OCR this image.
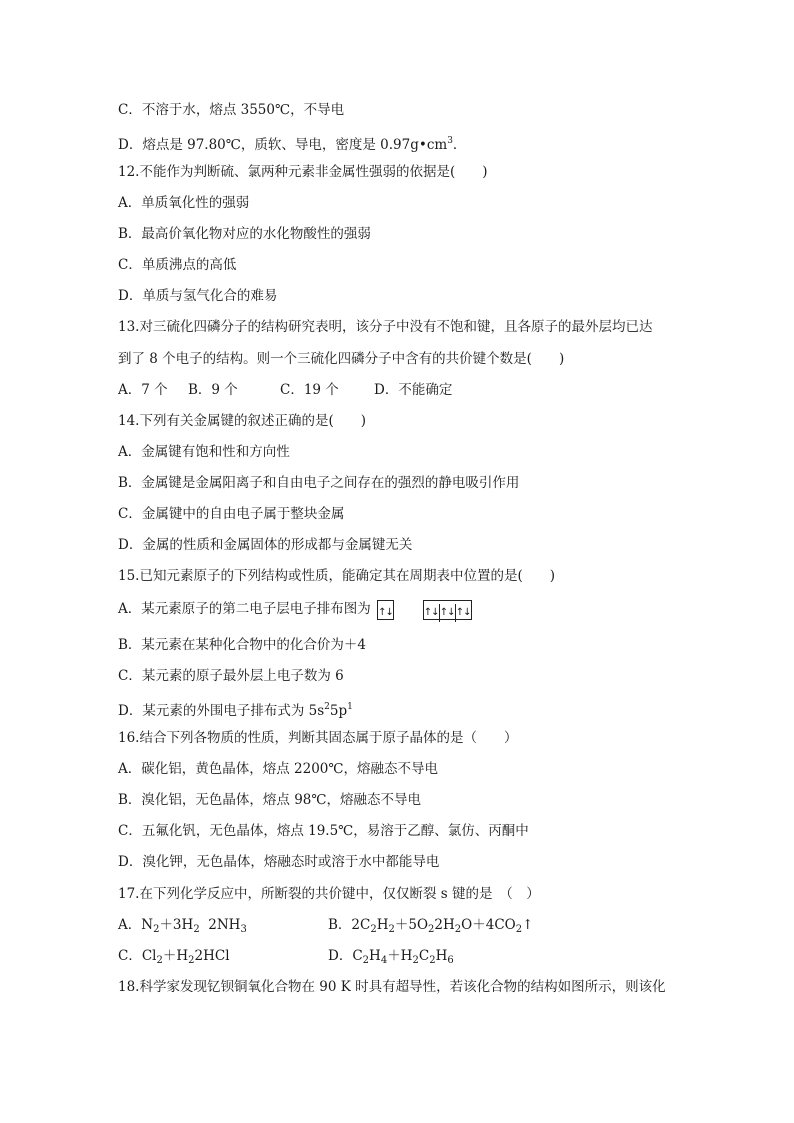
C．不溶于水，熔点 3550℃，不导电
D．熔点是 97.80℃，质软、导电，密度是 $0.97g•cm^3$．
12.不能作为判断硫、氯两种元素非金属性强弱的依据是(　　)
A．单质氧化性的强弱
B．最高价氧化物对应的水化物酸性的强弱
C．单质沸点的高低
D．单质与氢气化合的难易
13.对三硫化四磷分子的结构研究表明，该分子中没有不饱和键，且各原子的最外层均已达
到了 8 个电子的结构。则一个三硫化四磷分子中含有的共价键个数是(　　)
A．7 个 B．9 个	C．19 个	D．不能确定
14.下列有关金属键的叙述正确的是(　　)
A．金属键有饱和性和方向性
B．金属键是金属阳离子和自由电子之间存在的强烈的静电吸引作用
C．金属键中的自由电子属于整块金属
D．金属的性质和金属固体的形成都与金属键无关
15.已知元素原子的下列结构或性质，能确定其在周期表中位置的是(　　)
A．某元素原子的第二电子层电子排布图为 ↑↓	↑↓↑↓↑↓
B．某元素在某种化合物中的化合价为＋4
C．某元素的原子最外层上电子数为 6
D．某元素的外围电子排布式为 $5s^25p^1$
16.结合下列各物质的性质，判断其固态属于原子晶体的是（　　）
A．碳化铝，黄色晶体，熔点 2200℃，熔融态不导电
B．溴化铝，无色晶体，熔点 98℃，熔融态不导电
C．五氟化钒，无色晶体，熔点 19.5℃，易溶于乙醇、氯仿、丙酮中
D．溴化钾，无色晶体，熔融态时或溶于水中都能导电
17.在下列化学反应中，所断裂的共价键中，仅仅断裂 s 键的是　（　）
A．$N_2+3H_2$  $2NH_3$	B．$2C_2H_2+5O_22H_2O+4CO_2↑$
C．$Cl_2+H_22HCl$	D．$C_2H_4+H_2C_2H_6$
18.科学家发现钇钡铜氧化合物在 90 K 时具有超导性，若该化合物的结构如图所示，则该化
